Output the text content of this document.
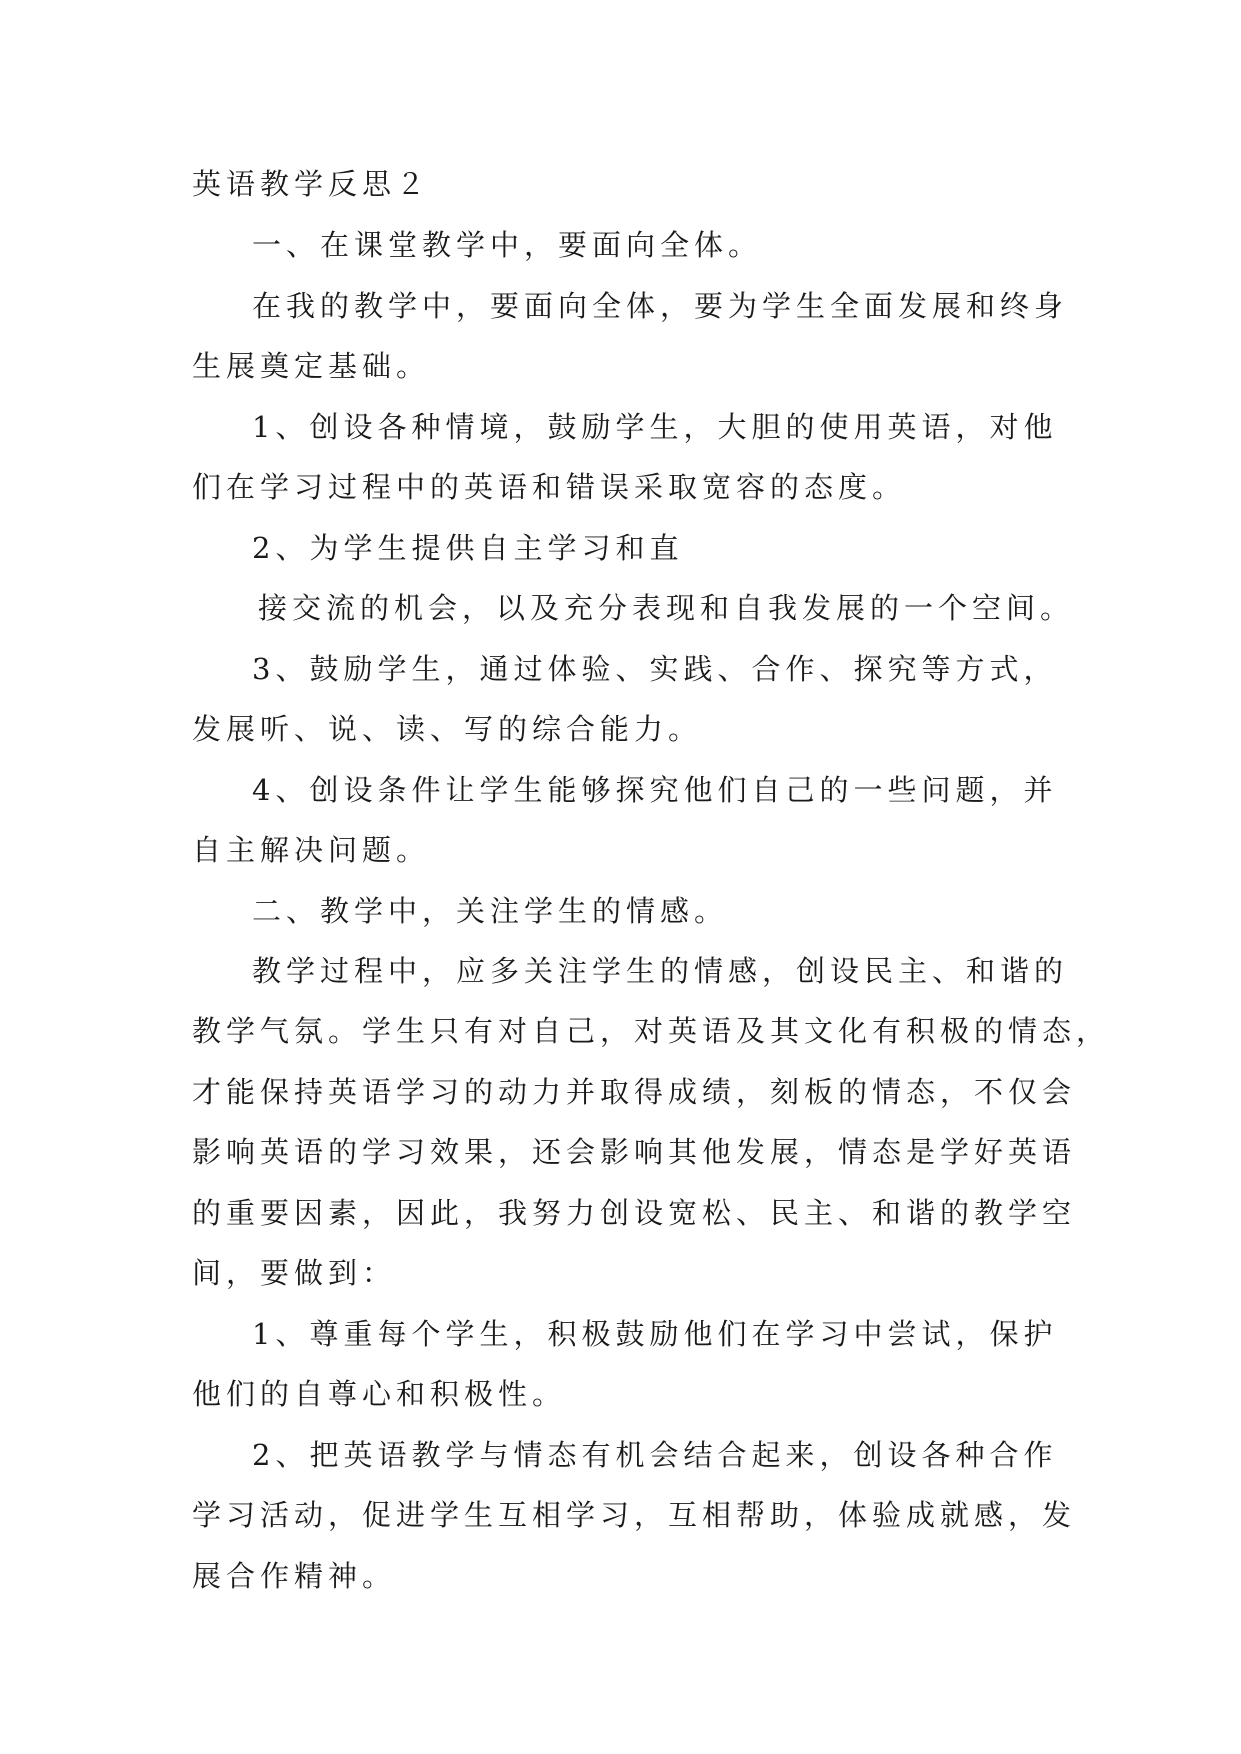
英语教学反思２

一、在课堂教学中，要面向全体。

在我的教学中，要面向全体，要为学生全面发展和终身

生展奠定基础。

1、创设各种情境，鼓励学生，大胆的使用英语，对他

们在学习过程中的英语和错误采取宽容的态度。

2、为学生提供自主学习和直

接交流的机会，以及充分表现和自我发展的一个空间。

3、鼓励学生，通过体验、实践、合作、探究等方式，

发展听、说、读、写的综合能力。

4、创设条件让学生能够探究他们自己的一些问题，并

自主解决问题。

二、教学中，关注学生的情感。

教学过程中，应多关注学生的情感，创设民主、和谐的

教学气氛。学生只有对自己，对英语及其文化有积极的情态，

才能保持英语学习的动力并取得成绩，刻板的情态，不仅会

影响英语的学习效果，还会影响其他发展，情态是学好英语

的重要因素，因此，我努力创设宽松、民主、和谐的教学空

间，要做到：

1、尊重每个学生，积极鼓励他们在学习中尝试，保护

他们的自尊心和积极性。

2、把英语教学与情态有机会结合起来，创设各种合作

学习活动，促进学生互相学习，互相帮助，体验成就感，发

展合作精神。
